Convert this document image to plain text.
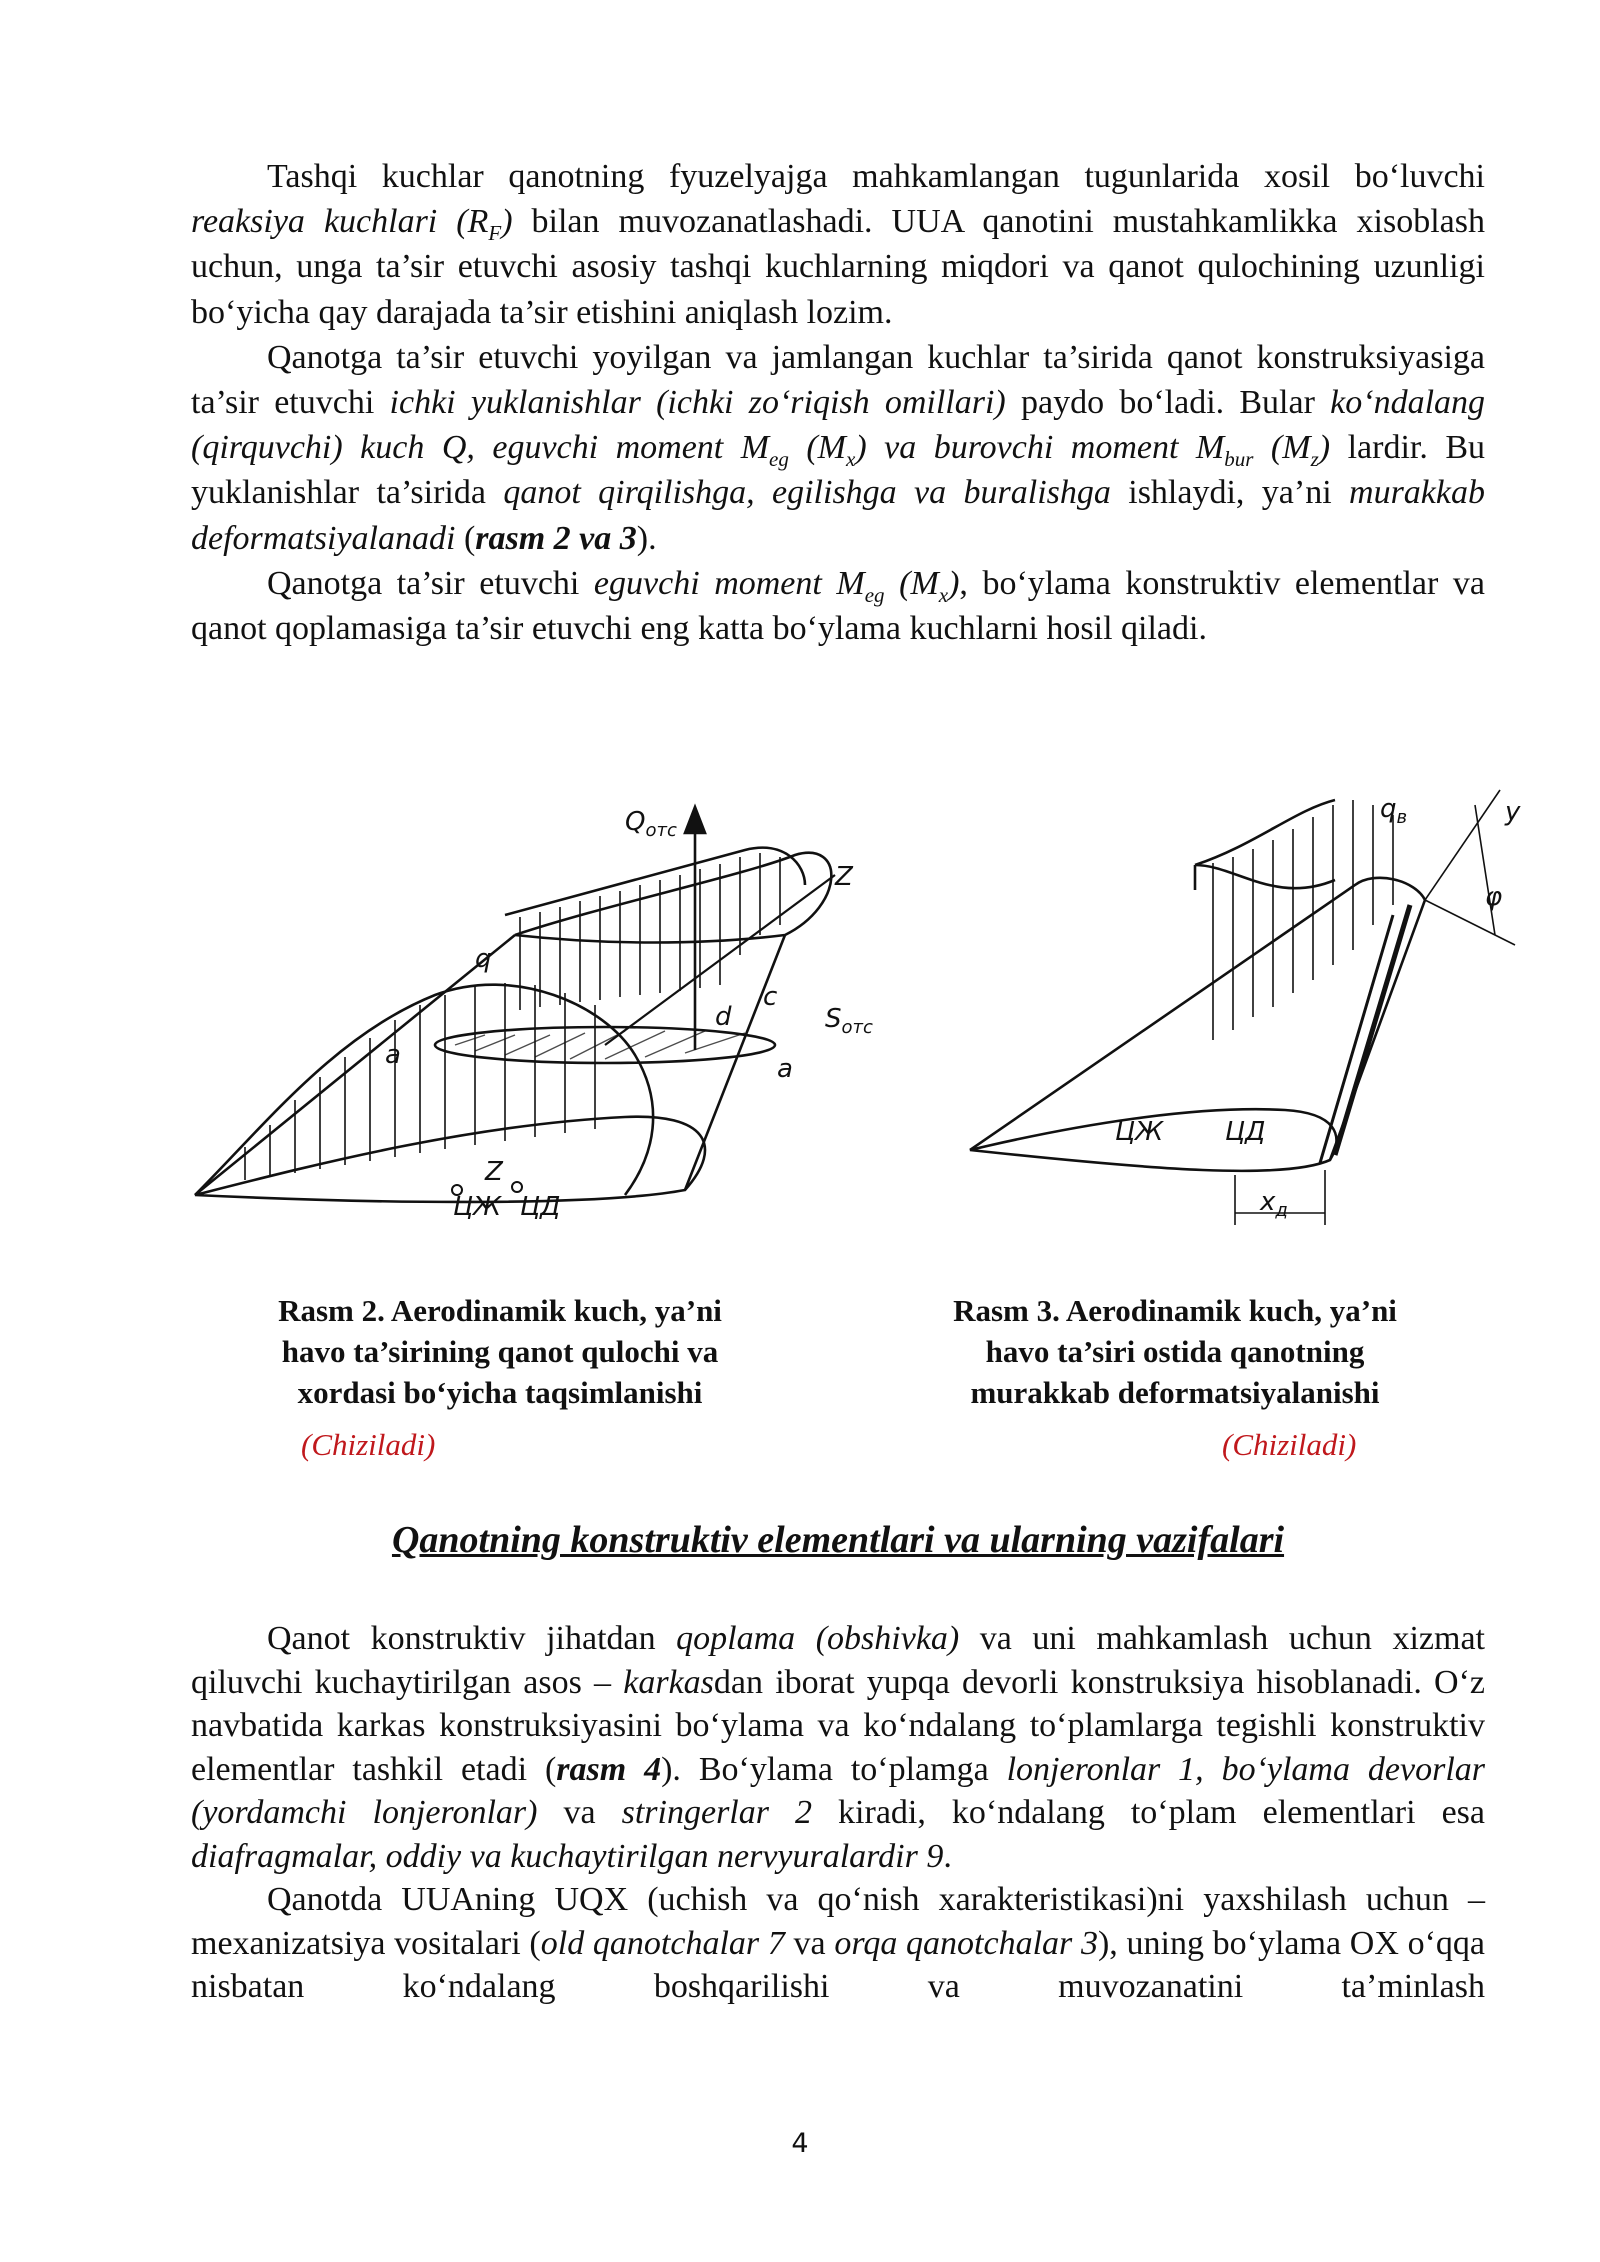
Tashqi kuchlar qanotning fyuzelyajga mahkamlangan tugunlarida xosil bo‘luvchi reaksiya kuchlari $(R_F)$ bilan muvozanatlashadi. UUA qanotini mustahkamlikka xisoblash uchun, unga ta’sir etuvchi asosiy tashqi kuchlarning miqdori va qanot qulochining uzunligi bo‘yicha qay darajada ta’sir etishini aniqlash lozim.

Qanotga ta’sir etuvchi yoyilgan va jamlangan kuchlar ta’sirida qanot konstruksiyasiga ta’sir etuvchi ichki yuklanishlar (ichki zo‘riqish omillari) paydo bo‘ladi. Bular ko‘ndalang (qirquvchi) kuch Q, eguvchi moment $M_{eg}$ $(M_x)$ va burovchi moment $M_{bur}$ $(M_z)$ lardir. Bu yuklanishlar ta’sirida qanot qirqilishga, egilishga va buralishga ishlaydi, ya’ni murakkab deformatsiyalanadi (rasm 2 va 3).

Qanotga ta’sir etuvchi eguvchi moment $M_{eg}$ $(M_x)$, bo‘ylama konstruktiv elementlar va qanot qoplamasiga ta’sir etuvchi eng katta bo‘ylama kuchlarni hosil qiladi.

$Q_{отс}$
Z
q
c
d	$S_{отс}$
a	a
Z
ЦЖ ЦД
$q_в$	y
φ
ЦЖ ЦД
$x_д$
Rasm 2. Aerodinamik kuch, ya’ni
havo ta’sirining qanot qulochi va
xordasi bo‘yicha taqsimlanishi
(Chiziladi)
Rasm 3. Aerodinamik kuch, ya’ni
havo ta’siri ostida qanotning
murakkab deformatsiyalanishi
(Chiziladi)
Qanotning konstruktiv elementlari va ularning vazifalari

Qanot konstruktiv jihatdan qoplama (obshivka) va uni mahkamlash uchun xizmat qiluvchi kuchaytirilgan asos – karkasdan iborat yupqa devorli konstruksiya hisoblanadi. O‘z navbatida karkas konstruksiyasini bo‘ylama va ko‘ndalang to‘plamlarga tegishli konstruktiv elementlar tashkil etadi (rasm 4). Bo‘ylama to‘plamga lonjeronlar 1, bo‘ylama devorlar (yordamchi lonjeronlar) va stringerlar 2 kiradi, ko‘ndalang to‘plam elementlari esa diafragmalar, oddiy va kuchaytirilgan nervyuralardir 9.

Qanotda UUAning UQX (uchish va qo‘nish xarakteristikasi)ni yaxshilash uchun – mexanizatsiya vositalari (old qanotchalar 7 va orqa qanotchalar 3), uning bo‘ylama OX o‘qqa nisbatan ko‘ndalang boshqarilishi va muvozanatini ta’minlash

4
